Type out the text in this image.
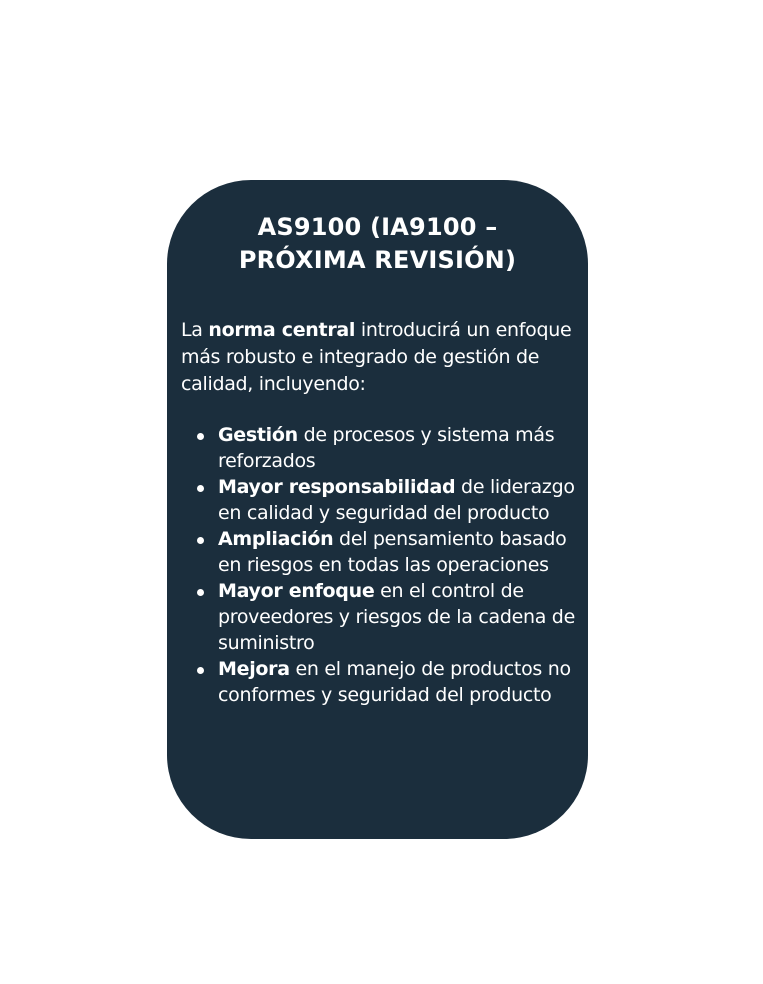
AS9100 (IA9100 –
PRÓXIMA REVISIÓN)
La norma central introducirá un enfoque más robusto e integrado de gestión de calidad, incluyendo:
Gestión de procesos y sistema más reforzados
Mayor responsabilidad de liderazgo en calidad y seguridad del producto
Ampliación del pensamiento basado en riesgos en todas las operaciones
Mayor enfoque en el control de proveedores y riesgos de la cadena de suministro
Mejora en el manejo de productos no conformes y seguridad del producto
